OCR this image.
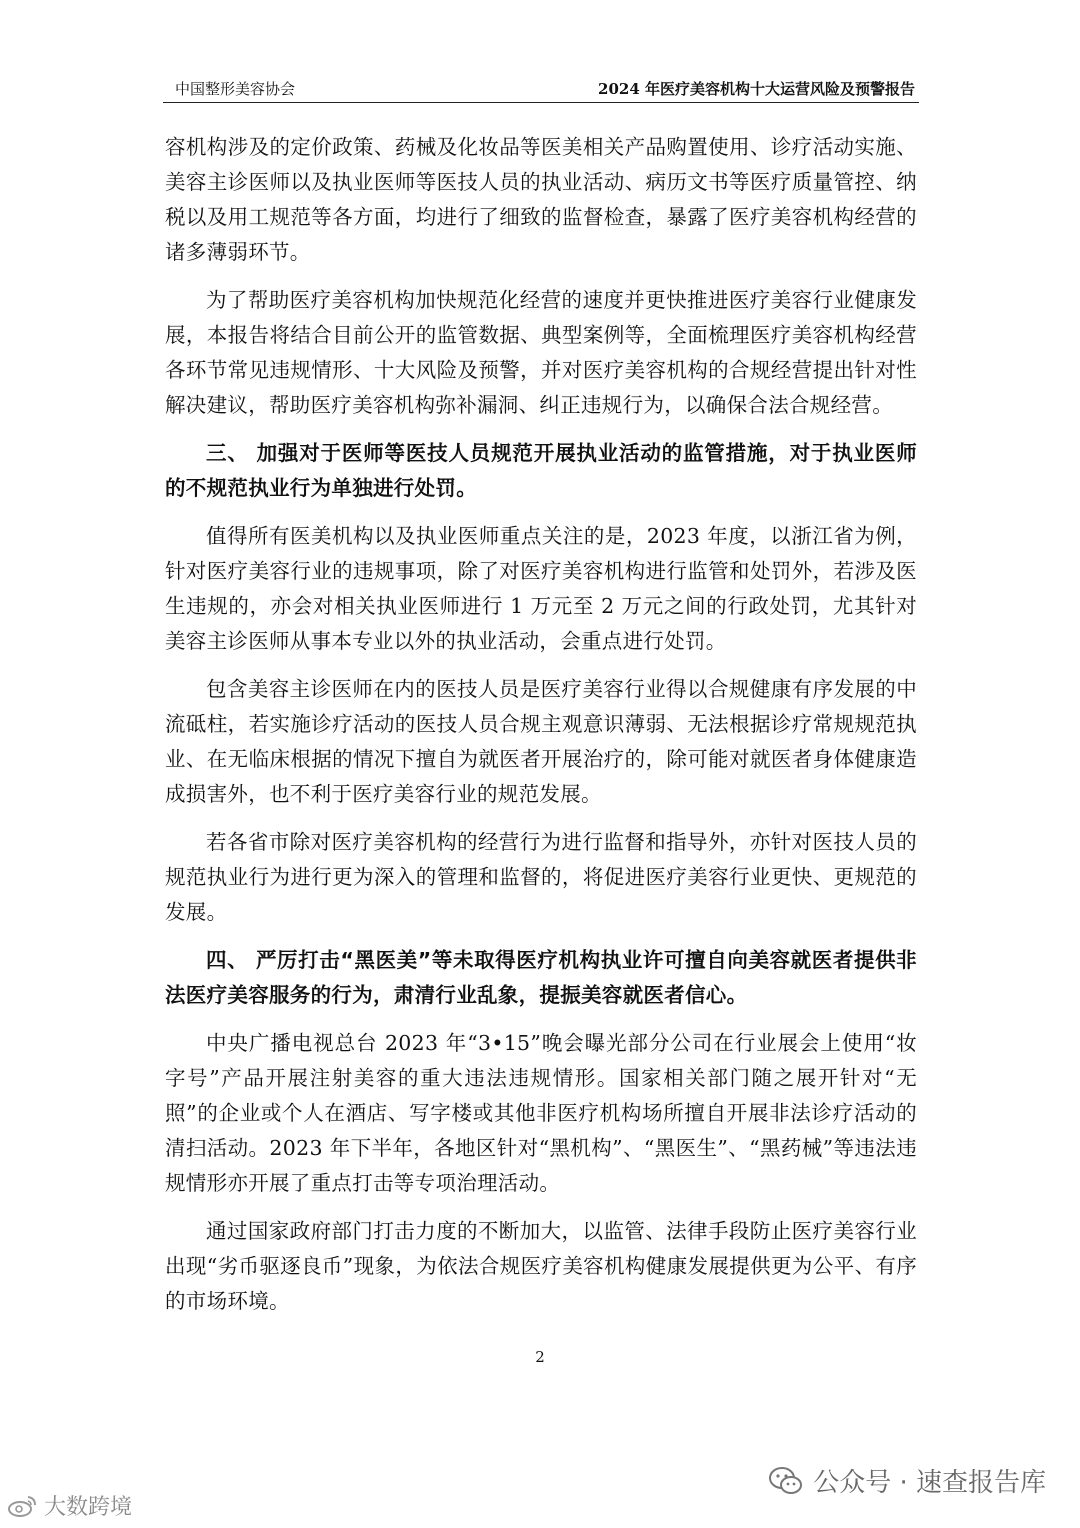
中国整形美容协会	2024 年医疗美容机构十大运营风险及预警报告

容机构涉及的定价政策、药械及化妆品等医美相关产品购置使用、诊疗活动实施、美容主诊医师以及执业医师等医技人员的执业活动、病历文书等医疗质量管控、纳税以及用工规范等各方面，均进行了细致的监督检查，暴露了医疗美容机构经营的诸多薄弱环节。

为了帮助医疗美容机构加快规范化经营的速度并更快推进医疗美容行业健康发展，本报告将结合目前公开的监管数据、典型案例等，全面梳理医疗美容机构经营各环节常见违规情形、十大风险及预警，并对医疗美容机构的合规经营提出针对性解决建议，帮助医疗美容机构弥补漏洞、纠正违规行为，以确保合法合规经营。

三、 加强对于医师等医技人员规范开展执业活动的监管措施，对于执业医师的不规范执业行为单独进行处罚。

值得所有医美机构以及执业医师重点关注的是，2023 年度，以浙江省为例，针对医疗美容行业的违规事项，除了对医疗美容机构进行监管和处罚外，若涉及医生违规的，亦会对相关执业医师进行 1 万元至 2 万元之间的行政处罚，尤其针对美容主诊医师从事本专业以外的执业活动，会重点进行处罚。

包含美容主诊医师在内的医技人员是医疗美容行业得以合规健康有序发展的中流砥柱，若实施诊疗活动的医技人员合规主观意识薄弱、无法根据诊疗常规规范执业、在无临床根据的情况下擅自为就医者开展治疗的，除可能对就医者身体健康造成损害外，也不利于医疗美容行业的规范发展。

若各省市除对医疗美容机构的经营行为进行监督和指导外，亦针对医技人员的规范执业行为进行更为深入的管理和监督的，将促进医疗美容行业更快、更规范的发展。

四、 严厉打击“黑医美”等未取得医疗机构执业许可擅自向美容就医者提供非法医疗美容服务的行为，肃清行业乱象，提振美容就医者信心。

中央广播电视总台 2023 年“3•15”晚会曝光部分公司在行业展会上使用“妆字号”产品开展注射美容的重大违法违规情形。国家相关部门随之展开针对“无照”的企业或个人在酒店、写字楼或其他非医疗机构场所擅自开展非法诊疗活动的清扫活动。2023 年下半年，各地区针对“黑机构”、“黑医生”、“黑药械”等违法违规情形亦开展了重点打击等专项治理活动。

通过国家政府部门打击力度的不断加大，以监管、法律手段防止医疗美容行业出现“劣币驱逐良币”现象，为依法合规医疗美容机构健康发展提供更为公平、有序的市场环境。

2
公众号 · 速查报告库
大数跨境
